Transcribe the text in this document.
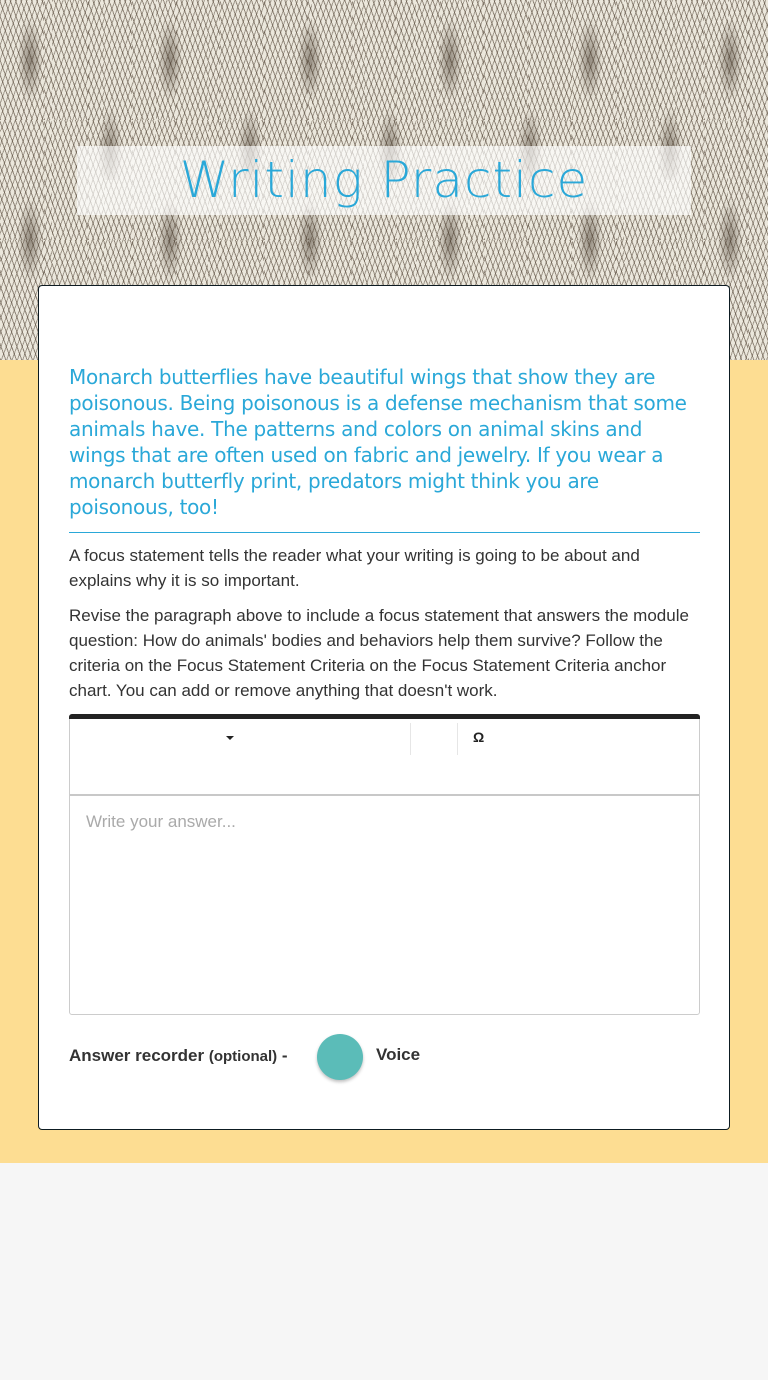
Writing Practice

Monarch butterflies have beautiful wings that show they are poisonous. Being poisonous is a defense mechanism that some animals have. The patterns and colors on animal skins and wings that are often used on fabric and jewelry. If you wear a monarch butterfly print, predators might think you are poisonous, too!

A focus statement tells the reader what your writing is going to be about and explains why it is so important.

Revise the paragraph above to include a focus statement that answers the module question: How do animals' bodies and behaviors help them survive? Follow the criteria on the Focus Statement Criteria on the Focus Statement Criteria anchor chart. You can add or remove anything that doesn't work.

Ω
Write your answer...
Answer recorder (optional) -	Voice
